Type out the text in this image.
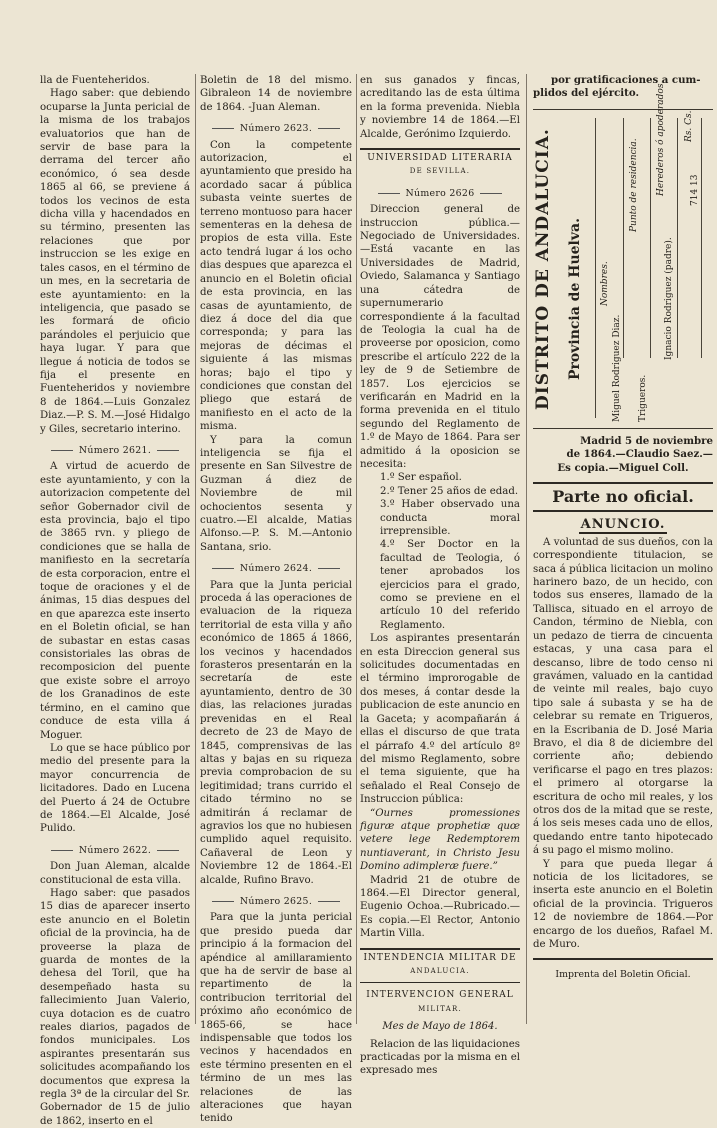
lla de Fuenteheridos.

Hago saber: que debiendo ocuparse la Junta pericial de la misma de los trabajos evaluatorios que han de servir de base para la derrama del tercer año económico, ó sea desde 1865 al 66, se previene á todos los vecinos de esta dicha villa y hacendados en su término, presenten las relaciones que por instruccion se les exige en tales casos, en el término de un mes, en la secretaria de este ayuntamiento: en la inteligencia, que pasado se les formará de oficio parándoles el perjuicio que haya lugar. Y para que llegue á noticia de todos se fija el presente en Fuenteheridos y noviembre 8 de 1864.—Luis Gonzalez Diaz.—P. S. M.—José Hidalgo y Giles, secretario interino.

Número 2621.

A virtud de acuerdo de este ayuntamiento, y con la autorizacion competente del señor Gobernador civil de esta provincia, bajo el tipo de 3865 rvn. y pliego de condiciones que se halla de manifiesto en la secretaría de esta corporacion, entre el toque de oraciones y el de ánimas, 15 dias despues del en que aparezca este inserto en el Boletin oficial, se han de subastar en estas casas consistoriales las obras de recomposicion del puente que existe sobre el arroyo de los Granadinos de este término, en el camino que conduce de esta villa á Moguer.

Lo que se hace público por medio del presente para la mayor concurrencia de licitadores. Dado en Lucena del Puerto á 24 de Octubre de 1864.—El Alcalde, José Pulido.

Número 2622.

Don Juan Aleman, alcalde constitucional de esta villa.

Hago saber: que pasados 15 dias de aparecer inserto este anuncio en el Boletin oficial de la provincia, ha de proveerse la plaza de guarda de montes de la dehesa del Toril, que ha desempeñado hasta su fallecimiento Juan Valerio, cuya dotacion es de cuatro reales diarios, pagados de fondos municipales. Los aspirantes presentarán sus solicitudes acompañando los documentos que expresa la regla 3ª de la circular del Sr. Gobernador de 15 de julio de 1862, inserto en el

Boletin de 18 del mismo. Gibraleon 14 de noviembre de 1864. -Juan Aleman.

Número 2623.

Con la competente autorizacion, el ayuntamiento que presido ha acordado sacar á pública subasta veinte suertes de terreno montuoso para hacer sementeras en la dehesa de propios de esta villa. Este acto tendrá lugar á los ocho dias despues que aparezca el anuncio en el Boletin oficial de esta provincia, en las casas de ayuntamiento, de diez á doce del dia que corresponda; y para las mejoras de décimas el siguiente á las mismas horas; bajo el tipo y condiciones que constan del pliego que estará de manifiesto en el acto de la misma.

Y para la comun inteligencia se fija el presente en San Silvestre de Guzman á diez de Noviembre de mil ochocientos sesenta y cuatro.—El alcalde, Matias Alfonso.—P. S. M.—Antonio Santana, srio.

Número 2624.

Para que la Junta pericial proceda á las operaciones de evaluacion de la riqueza territorial de esta villa y año económico de 1865 á 1866, los vecinos y hacendados forasteros presentarán en la secretaría de este ayuntamiento, dentro de 30 dias, las relaciones juradas prevenidas en el Real decreto de 23 de Mayo de 1845, comprensivas de las altas y bajas en su riqueza previa comprobacion de su legitimidad; trans currido el citado término no se admitirán á reclamar de agravios los que no hubiesen cumplido aquel requisito. Cañaveral de Leon y Noviembre 12 de 1864.-El alcalde, Rufino Bravo.

Número 2625.

Para que la junta pericial que presido pueda dar principio á la formacion del apéndice al amillaramiento que ha de servir de base al repartimento de la contribucion territorial del próximo año económico de 1865-66, se hace indispensable que todos los vecinos y hacendados en este término presenten en el término de un mes las relaciones de las alteraciones que hayan tenido

en sus ganados y fincas, acreditando las de esta última en la forma prevenida. Niebla y noviembre 14 de 1864.—El Alcalde, Gerónimo Izquierdo.

UNIVERSIDAD LITERARIA
DE SEVILLA.
Número 2626

Direccion general de instruccion pública.—Negociado de Universidades.—Está vacante en las Universidades de Madrid, Oviedo, Salamanca y Santiago una cátedra de supernumerario correspondiente á la facultad de Teologia la cual ha de proveerse por oposicion, como prescribe el artículo 222 de la ley de 9 de Setiembre de 1857. Los ejercicios se verificarán en Madrid en la forma prevenida en el titulo segundo del Reglamento de 1.º de Mayo de 1864. Para ser admitido á la oposicion se necesita:

1.º Ser español.

2.º Tener 25 años de edad.

3.º Haber observado una conducta moral irreprensible.

4.º Ser Doctor en la facultad de Teologia, ó tener aprobados los ejercicios para el grado, como se previene en el artículo 10 del referido Reglamento.

Los aspirantes presentarán en esta Direccion general sus solicitudes documentadas en el término improrogable de dos meses, á contar desde la publicacion de este anuncio en la Gaceta; y acompañarán á ellas el discurso de que trata el párrafo 4.º del artículo 8º del mismo Reglamento, sobre el tema siguiente, que ha señalado el Real Consejo de Instruccion pública:

“Ournes promessiones figuræ atque prophetiæ quœ vetere lege Redemptorem nuntiaverant, in Christo Jesu Domino adimpleræ fuere.”

Madrid 21 de otubre de 1864.—El Director general, Eugenio Ochoa.—Rubricado.—Es copia.—El Rector, Antonio Martin Villa.

INTENDENCIA MILITAR DE
ANDALUCIA.
INTERVENCION GENERAL
MILITAR.
Mes de Mayo de 1864.

Relacion de las liquidaciones practicadas por la misma en el expresado mes

por gratificaciones a cum-
plidos del ejército.
DISTRITO DE ANDALUCIA. Provincia de Huelva. Nombres.
Punto de residencia. Herederos ó apoderados. Rs. Cs.
Miguel Rodriguez Diaz. Trigueros.
Ignacio Rodriguez (padre).
714 13
Madrid 5 de noviembre
de 1864.—Claudio Saez.—
Es copia.—Miguel Coll.
Parte no oficial.
ANUNCIO.

A voluntad de sus dueños, con la correspondiente titulacion, se saca á pública licitacion un molino harinero bazo, de un hecido, con todos sus enseres, llamado de la Tallisca, situado en el arroyo de Candon, término de Niebla, con un pedazo de tierra de cincuenta estacas, y una casa para el descanso, libre de todo censo ni gravámen, valuado en la cantidad de veinte mil reales, bajo cuyo tipo sale á subasta y se ha de celebrar su remate en Trigueros, en la Escribania de D. José Maria Bravo, el dia 8 de diciembre del corriente año; debiendo verificarse el pago en tres plazos: el primero al otorgarse la escritura de ocho mil reales, y los otros dos de la mitad que se reste, á los seis meses cada uno de ellos, quedando entre tanto hipotecado á su pago el mismo molino.

Y para que pueda llegar á noticia de los licitadores, se inserta este anuncio en el Boletin oficial de la provincia. Trigueros 12 de noviembre de 1864.—Por encargo de los dueños, Rafael M. de Muro.

Imprenta del Boletin Oficial.
